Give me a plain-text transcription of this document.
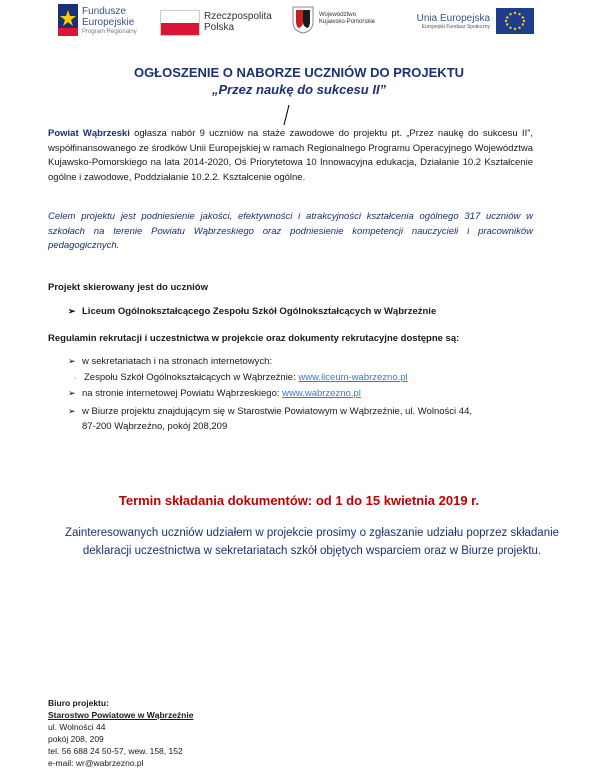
Fundusze
Europejskie
Program Regionalny
Rzeczpospolita
Polska
Województwo
Kujawsko-Pomorskie	Unia Europejska
Europejski Fundusz Społeczny
OGŁOSZENIE O NABORZE UCZNIÓW DO PROJEKTU
„Przez naukę do sukcesu II”
Powiat Wąbrzeski ogłasza nabór 9 uczniów na staże zawodowe do projektu pt. „Przez naukę do sukcesu II”, współfinansowanego ze środków Unii Europejskiej w ramach Regionalnego Programu Operacyjnego Województwa Kujawsko-Pomorskiego na lata 2014-2020, Oś Priorytetowa 10 Innowacyjna edukacja, Działanie 10.2 Kształcenie ogólne i zawodowe, Poddziałanie 10.2.2. Kształcenie ogólne.
Celem projektu jest podniesienie jakości, efektywności i atrakcyjności kształcenia ogólnego 317 uczniów w szkołach na terenie Powiatu Wąbrzeskiego oraz podniesienie kompetencji nauczycieli i pracowników pedagogicznych.
Projekt skierowany jest do uczniów
➢ Liceum Ogólnokształcącego Zespołu Szkół Ogólnokształcących w Wąbrzeźnie
Regulamin rekrutacji i uczestnictwa w projekcie oraz dokumenty rekrutacyjne dostępne są:
➢ w sekretariatach i na stronach internetowych:
· Zespołu Szkół Ogólnokształcących w Wąbrzeźnie: www.liceum-wabrzezno.pl
➢ na stronie internetowej Powiatu Wąbrzeskiego: www.wabrzezno.pl
➢ w Biurze projektu znajdującym się w Starostwie Powiatowym w Wąbrzeźnie, ul. Wolności 44, 87-200 Wąbrzeźno, pokój 208,209
Termin składania dokumentów: od 1 do 15 kwietnia 2019 r.
Zainteresowanych uczniów udziałem w projekcie prosimy o zgłaszanie udziału poprzez składanie deklaracji uczestnictwa w sekretariatach szkół objętych wsparciem oraz w Biurze projektu.
Biuro projektu:
Starostwo Powiatowe w Wąbrzeźnie
ul. Wolności 44
pokój 208, 209
tel. 56 688 24 50-57, wew. 158, 152
e-mail: wr@wabrzezno.pl
